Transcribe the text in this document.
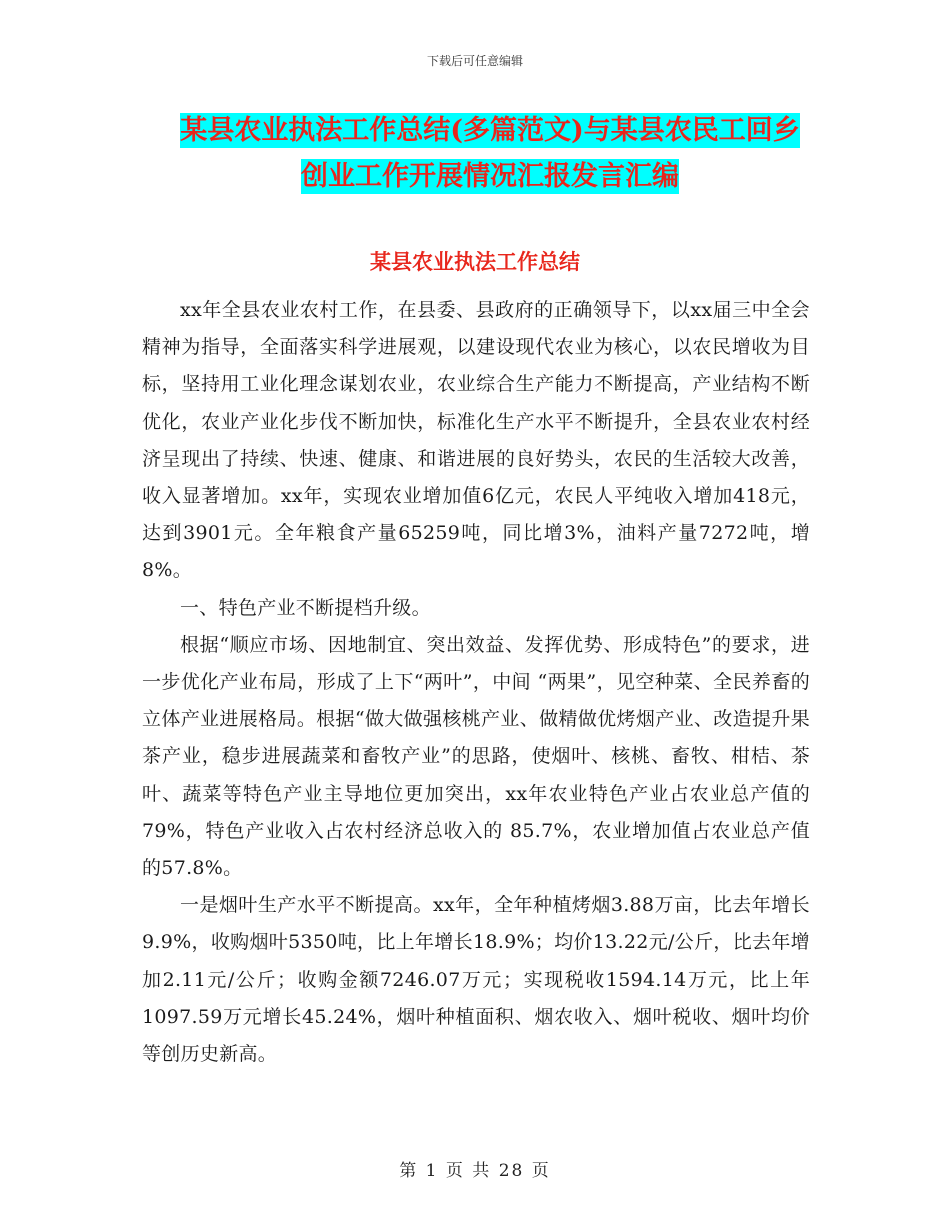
下载后可任意编辑
某县农业执法工作总结(多篇范文)与某县农民工回乡
创业工作开展情况汇报发言汇编
某县农业执法工作总结

xx年全县农业农村工作，在县委、县政府的正确领导下，以xx届三中全会精神为指导，全面落实科学进展观，以建设现代农业为核心，以农民增收为目标，坚持用工业化理念谋划农业，农业综合生产能力不断提高，产业结构不断优化，农业产业化步伐不断加快，标准化生产水平不断提升，全县农业农村经济呈现出了持续、快速、健康、和谐进展的良好势头，农民的生活较大改善，收入显著增加。xx年，实现农业增加值6亿元，农民人平纯收入增加418元，达到3901元。全年粮食产量65259吨，同比增3%，油料产量7272吨，增8%。

一、特色产业不断提档升级。

根据“顺应市场、因地制宜、突出效益、发挥优势、形成特色”的要求，进一步优化产业布局，形成了上下“两叶”，中间 “两果”，见空种菜、全民养畜的立体产业进展格局。根据“做大做强核桃产业、做精做优烤烟产业、改造提升果茶产业，稳步进展蔬菜和畜牧产业”的思路，使烟叶、核桃、畜牧、柑桔、茶叶、蔬菜等特色产业主导地位更加突出，xx年农业特色产业占农业总产值的79%，特色产业收入占农村经济总收入的 85.7%，农业增加值占农业总产值的57.8%。

一是烟叶生产水平不断提高。xx年，全年种植烤烟3.88万亩，比去年增长9.9%，收购烟叶5350吨，比上年增长18.9%；均价13.22元/公斤，比去年增加2.11元/公斤；收购金额7246.07万元；实现税收1594.14万元，比上年1097.59万元增长45.24%，烟叶种植面积、烟农收入、烟叶税收、烟叶均价等创历史新高。

第 1 页 共 28 页
